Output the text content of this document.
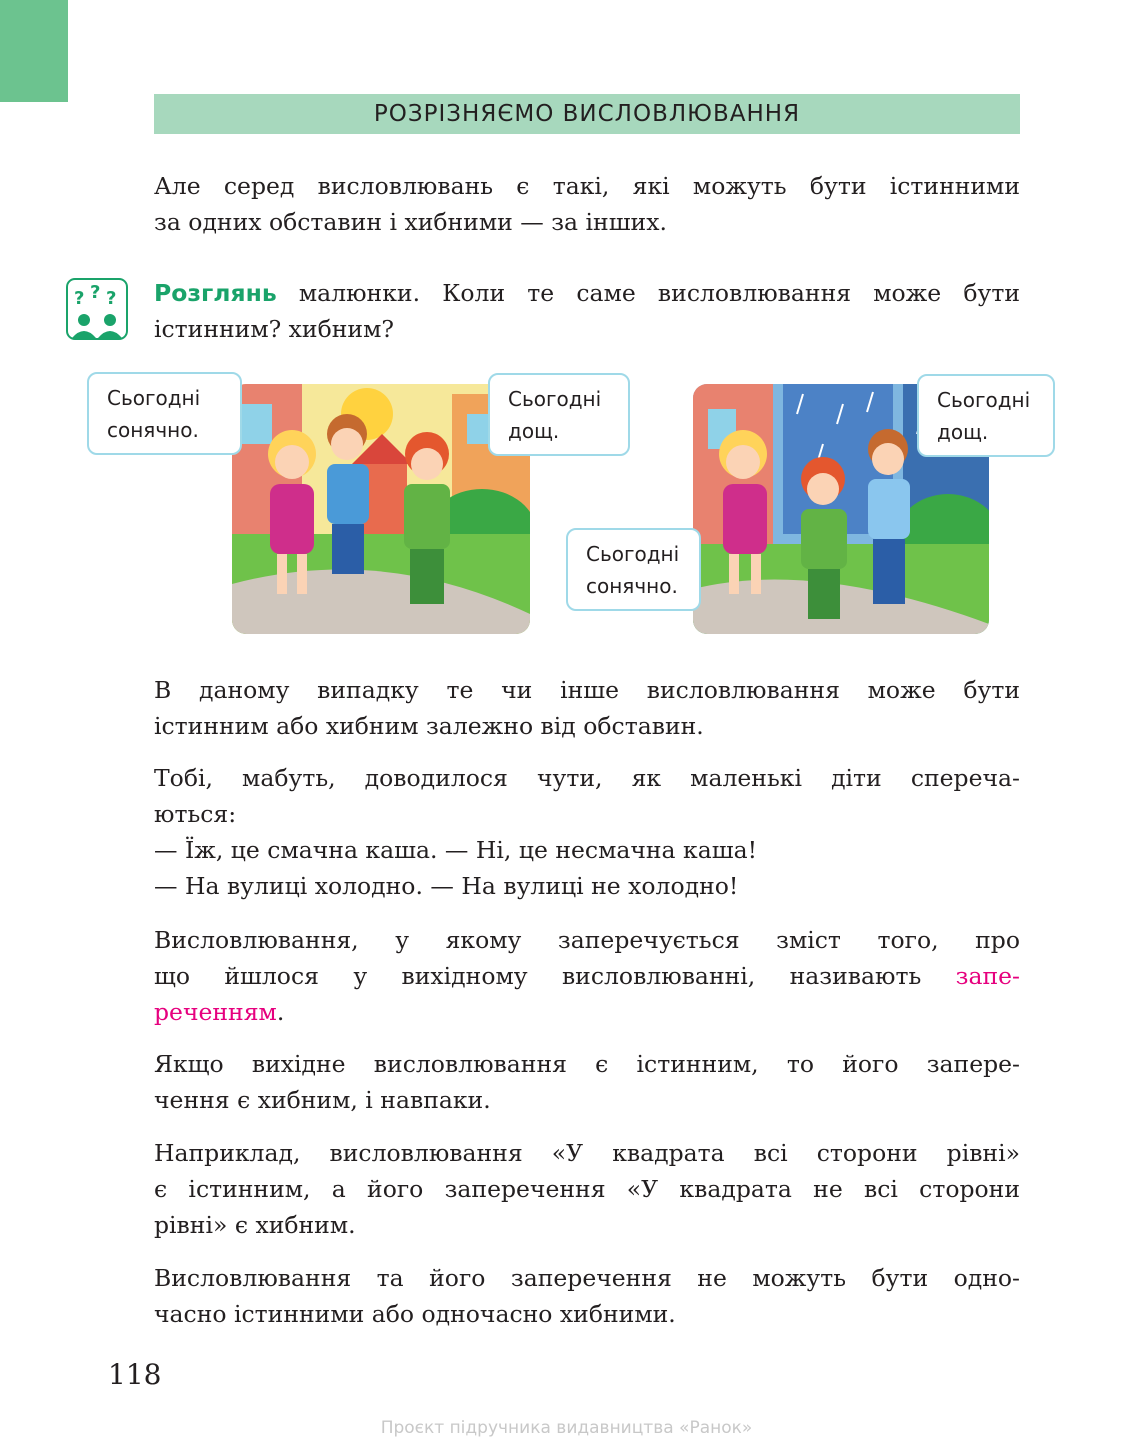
РОЗРІЗНЯЄМО ВИСЛОВЛЮВАННЯ

Але серед висловлювань є такі, які можуть бути істинними
за одних обставин і хибними — за інших.

? ? ? Розглянь малюнки. Коли те саме висловлювання може бути
істинним? хибним?

Сьогодні
сонячно.
Сьогодні
дощ.
Сьогодні
дощ.
Сьогодні
сонячно.

В даному випадку те чи інше висловлювання може бути
істинним або хибним залежно від обставин.

Тобі, мабуть, доводилося чути, як маленькі діти спереча-
ються:
— Їж, це смачна каша. — Ні, це несмачна каша!
— На вулиці холодно. — На вулиці не холодно!

Висловлювання, у якому заперечується зміст того, про
що йшлося у вихідному висловлюванні, називають запе-
реченням.

Якщо вихідне висловлювання є істинним, то його запере-
чення є хибним, і навпаки.

Наприклад, висловлювання «У квадрата всі сторони рівні»
є істинним, а його заперечення «У квадрата не всі сторони
рівні» є хибним.

Висловлювання та його заперечення не можуть бути одно-
часно істинними або одночасно хибними.

118
Проєкт підручника видавництва «Ранок»
